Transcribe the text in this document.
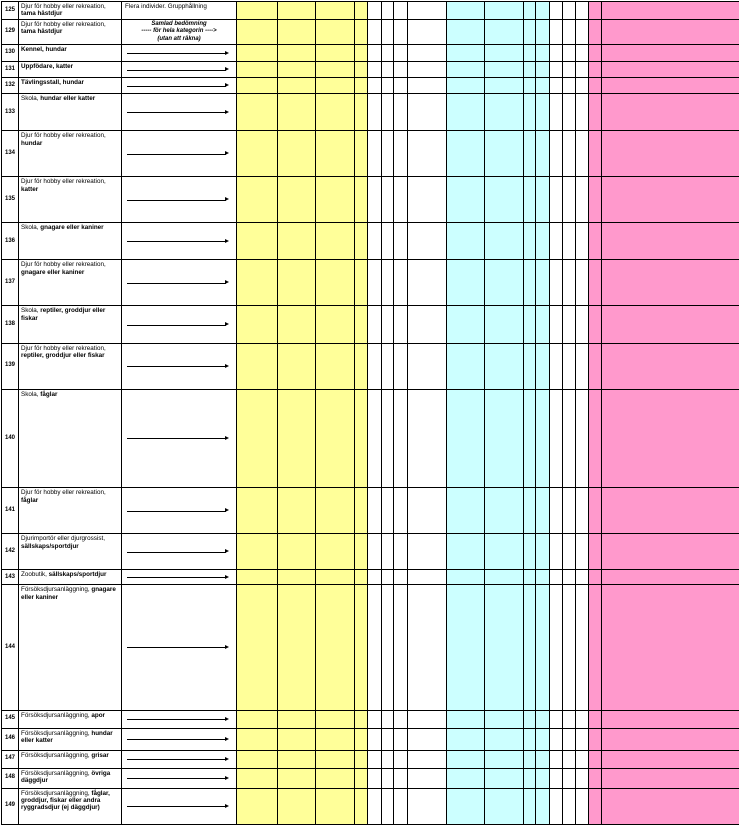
125	Djur för hobby eller rekreation, tama hästdjur	Flera individer. Grupphållning																		

129	Djur för hobby eller rekreation, tama hästdjur	Samlad bedömning
----- för hela kategorin ---->
(utan att räkna)																		

130	Kennel, hundar	

131	Uppfödare, katter	

132	Tävlingsstall, hundar	

133	Skola, hundar eller katter	

134	Djur för hobby eller rekreation, hundar	

135	Djur för hobby eller rekreation, katter	

136	Skola, gnagare eller kaniner	

137	Djur för hobby eller rekreation, gnagare eller kaniner	

138	Skola, reptiler, groddjur eller fiskar	

139	Djur för hobby eller rekreation, reptiler, groddjur eller fiskar	

140	Skola, fåglar	

141	Djur för hobby eller rekreation, fåglar	

142	Djurimportör eller djurgrossist, sällskaps/sportdjur	

143	Zoobutik, sällskaps/sportdjur	

144	Försöksdjursanläggning, gnagare eller kaniner	

145	Försöksdjursanläggning, apor	

146	Försöksdjursanläggning, hundar eller katter	

147	Försöksdjursanläggning, grisar	

148	Försöksdjursanläggning, övriga däggdjur	

149	Försöksdjursanläggning, fåglar, groddjur, fiskar eller andra ryggradsdjur (ej däggdjur)	
